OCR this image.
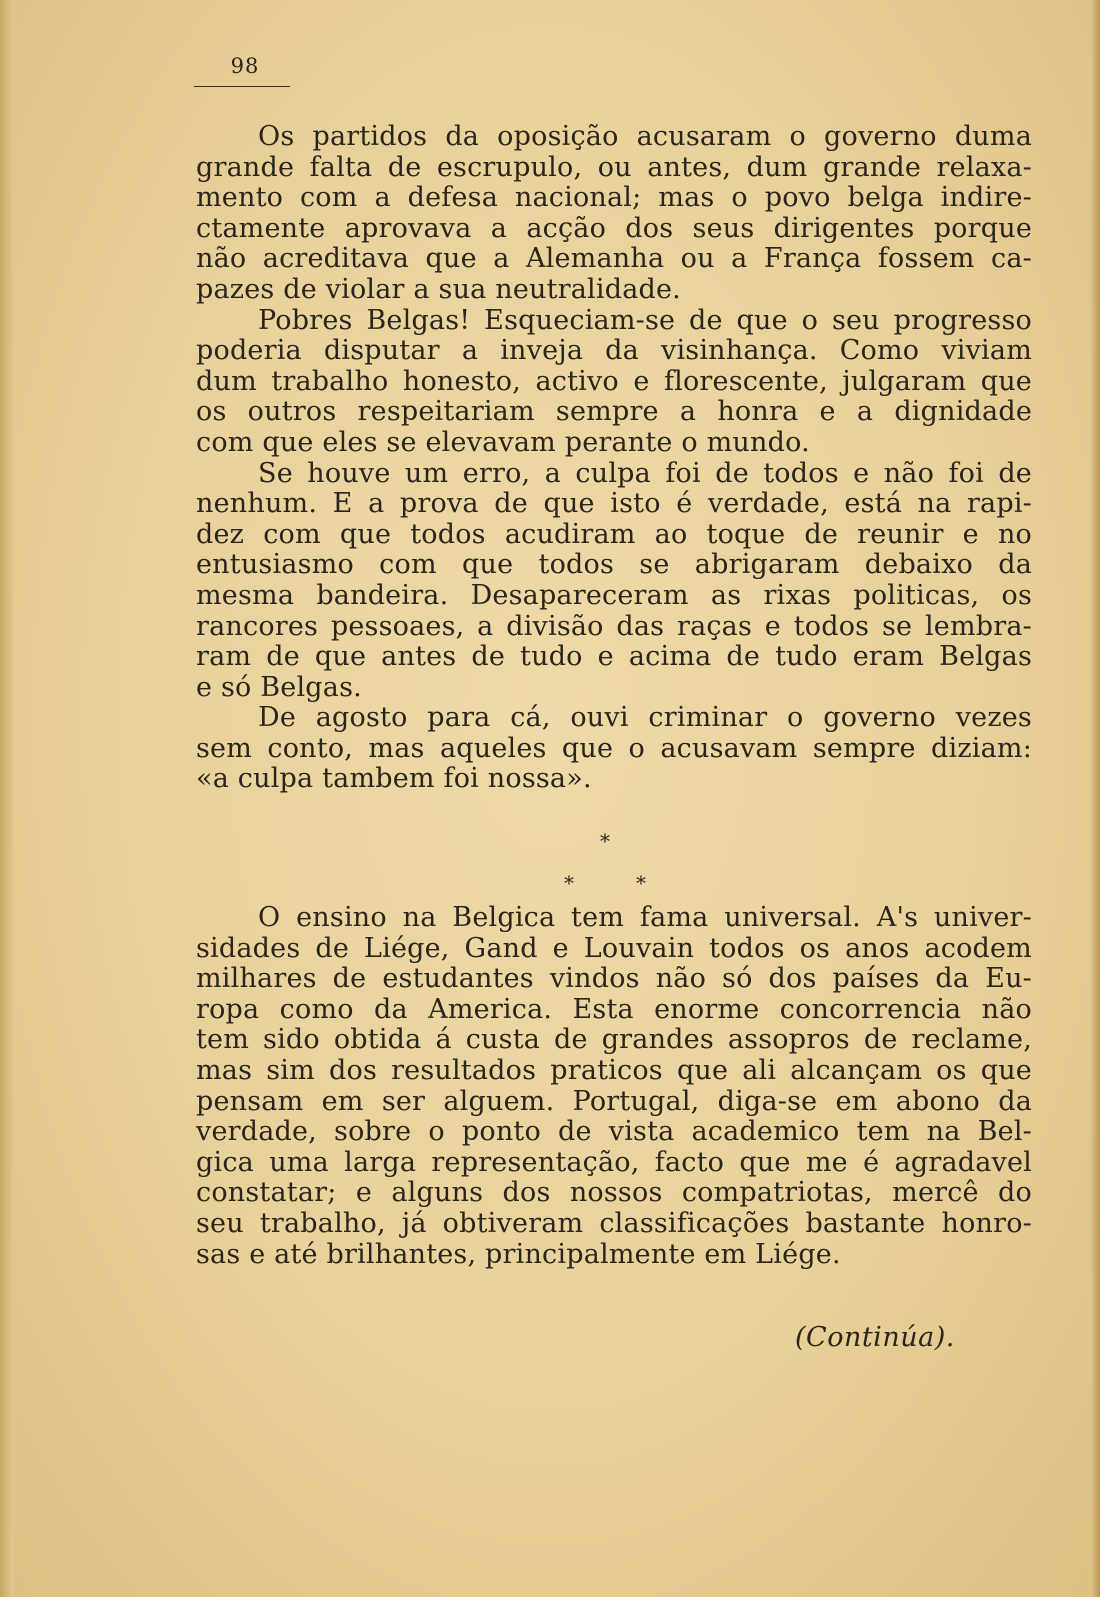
98
Os partidos da oposição acusaram o governo duma
grande falta de escrupulo, ou antes, dum grande relaxa-
mento com a defesa nacional; mas o povo belga indire-
ctamente aprovava a acção dos seus dirigentes porque
não acreditava que a Alemanha ou a França fossem ca-
pazes de violar a sua neutralidade.
Pobres Belgas! Esqueciam-se de que o seu progresso
poderia disputar a inveja da visinhança. Como viviam
dum trabalho honesto, activo e florescente, julgaram que
os outros respeitariam sempre a honra e a dignidade
com que eles se elevavam perante o mundo.
Se houve um erro, a culpa foi de todos e não foi de
nenhum. E a prova de que isto é verdade, está na rapi-
dez com que todos acudiram ao toque de reunir e no
entusiasmo com que todos se abrigaram debaixo da
mesma bandeira. Desapareceram as rixas politicas, os
rancores pessoaes, a divisão das raças e todos se lembra-
ram de que antes de tudo e acima de tudo eram Belgas
e só Belgas.
De agosto para cá, ouvi criminar o governo vezes
sem conto, mas aqueles que o acusavam sempre diziam:
«a culpa tambem foi nossa».
*
*	*
O ensino na Belgica tem fama universal. A's univer-
sidades de Liége, Gand e Louvain todos os anos acodem
milhares de estudantes vindos não só dos países da Eu-
ropa como da America. Esta enorme concorrencia não
tem sido obtida á custa de grandes assopros de reclame,
mas sim dos resultados praticos que ali alcançam os que
pensam em ser alguem. Portugal, diga-se em abono da
verdade, sobre o ponto de vista academico tem na Bel-
gica uma larga representação, facto que me é agradavel
constatar; e alguns dos nossos compatriotas, mercê do
seu trabalho, já obtiveram classificações bastante honro-
sas e até brilhantes, principalmente em Liége.
(Continúa).
